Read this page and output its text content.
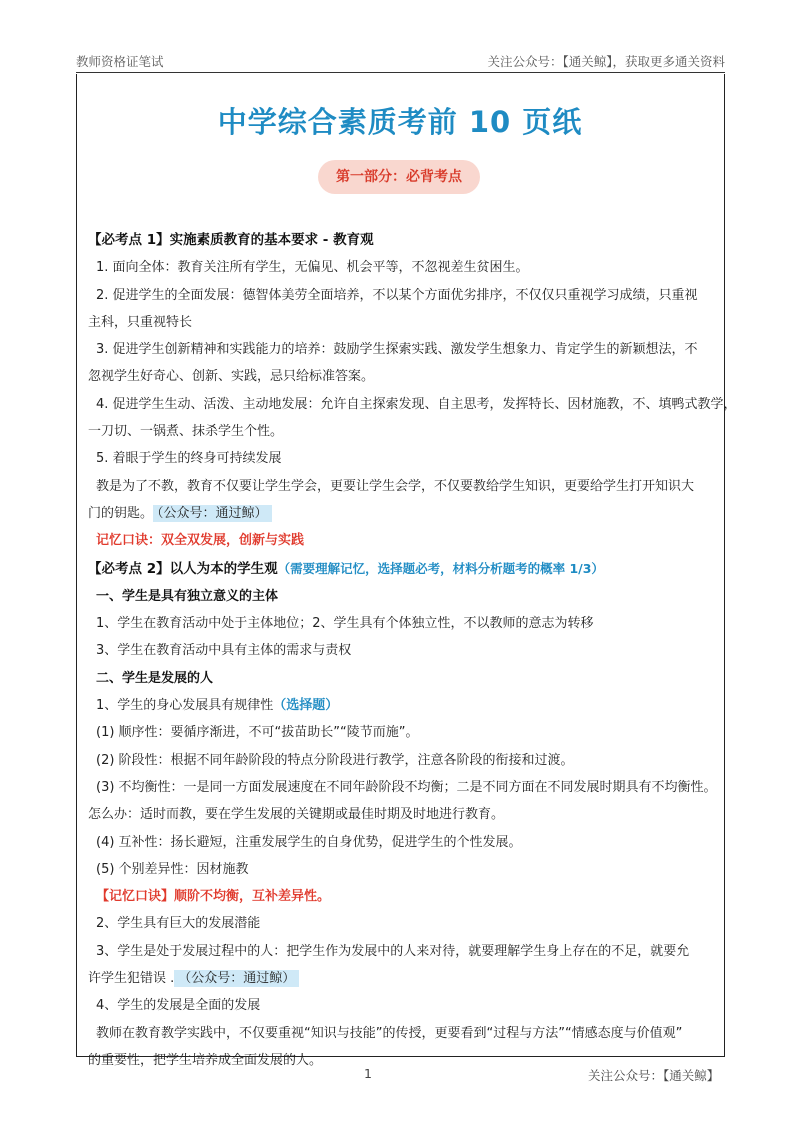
教师资格证笔试	关注公众号：【通关鲸】，获取更多通关资料
中学综合素质考前 10 页纸
第一部分：必背考点
【必考点 1】实施素质教育的基本要求 - 教育观
1. 面向全体：教育关注所有学生，无偏见、机会平等，不忽视差生贫困生。
2. 促进学生的全面发展：德智体美劳全面培养，不以某个方面优劣排序，不仅仅只重视学习成绩，只重视
主科，只重视特长
3. 促进学生创新精神和实践能力的培养：鼓励学生探索实践、激发学生想象力、肯定学生的新颖想法，不
忽视学生好奇心、创新、实践，忌只给标准答案。
4. 促进学生生动、活泼、主动地发展：允许自主探索发现、自主思考，发挥特长、因材施教，不、填鸭式教学，
一刀切、一锅煮、抹杀学生个性。
5. 着眼于学生的终身可持续发展
教是为了不教，教育不仅要让学生学会，更要让学生会学，不仅要教给学生知识，更要给学生打开知识大
门的钥匙。 （公众号：通过鲸）
记忆口诀：双全双发展，创新与实践
【必考点 2】以人为本的学生观（需要理解记忆，选择题必考，材料分析题考的概率 1/3）
一、学生是具有独立意义的主体
1、学生在教育活动中处于主体地位；2、学生具有个体独立性，不以教师的意志为转移
3、学生在教育活动中具有主体的需求与责权
二、学生是发展的人
1、学生的身心发展具有规律性（选择题）
(1) 顺序性：要循序渐进，不可“拔苗助长”“陵节而施”。
(2) 阶段性：根据不同年龄阶段的特点分阶段进行教学，注意各阶段的衔接和过渡。
(3) 不均衡性：一是同一方面发展速度在不同年龄阶段不均衡；二是不同方面在不同发展时期具有不均衡性。
怎么办：适时而教，要在学生发展的关键期或最佳时期及时地进行教育。
(4) 互补性：扬长避短，注重发展学生的自身优势，促进学生的个性发展。
(5) 个别差异性：因材施教
【记忆口诀】顺阶不均衡，互补差异性。
2、学生具有巨大的发展潜能
3、学生是处于发展过程中的人：把学生作为发展中的人来对待，就要理解学生身上存在的不足，就要允
许学生犯错误 . （公众号：通过鲸）
4、学生的发展是全面的发展
教师在教育教学实践中，不仅要重视“知识与技能”的传授，更要看到“过程与方法”“情感态度与价值观”
的重要性，把学生培养成全面发展的人。
1	关注公众号：【通关鲸】
